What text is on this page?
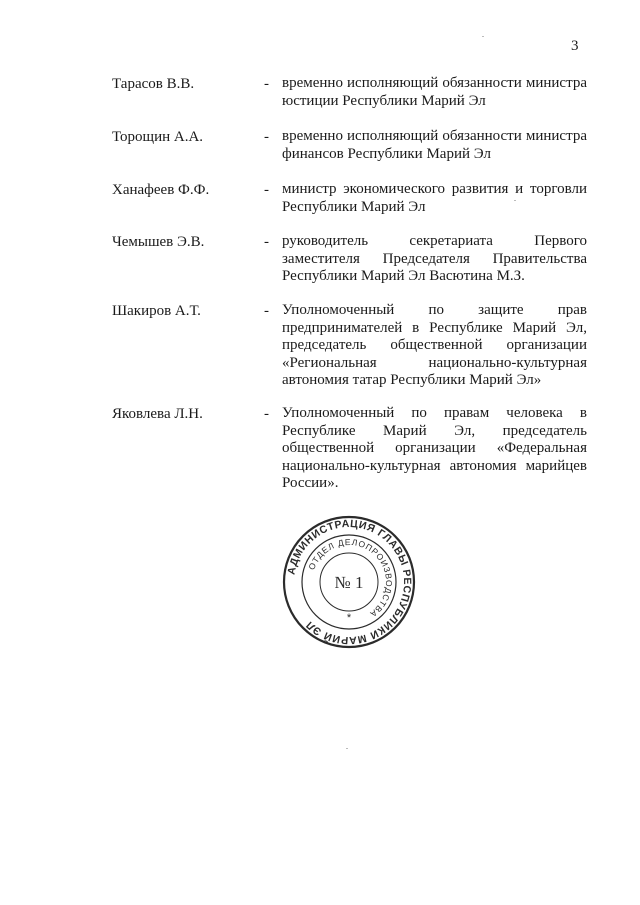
3
Тарасов В.В.	- временно исполняющий обязанности министра юстиции Республики Марий Эл
Торощин А.А.	- временно исполняющий обязанности министра финансов Республики Марий Эл
Ханафеев Ф.Ф.	- министр экономического развития и торговли Республики Марий Эл
Чемышев Э.В.	- руководитель секретариата Первого заместителя Председателя Правительства Республики Марий Эл Васютина М.З.
Шакиров А.Т.	- Уполномоченный по защите прав предпринимателей в Республике Марий Эл, председатель общественной организации «Региональная национально-культурная автономия татар Республики Марий Эл»
Яковлева Л.Н.	- Уполномоченный по правам человека в Республике Марий Эл, председатель общественной организации «Федеральная национально-культурная автономия марийцев России».
АДМИНИСТРАЦИЯ ГЛАВЫ РЕСПУБЛИКИ МАРИЙ ЭЛ
ОТДЕЛ ДЕЛОПРОИЗВОДСТВА
№ 1
*
